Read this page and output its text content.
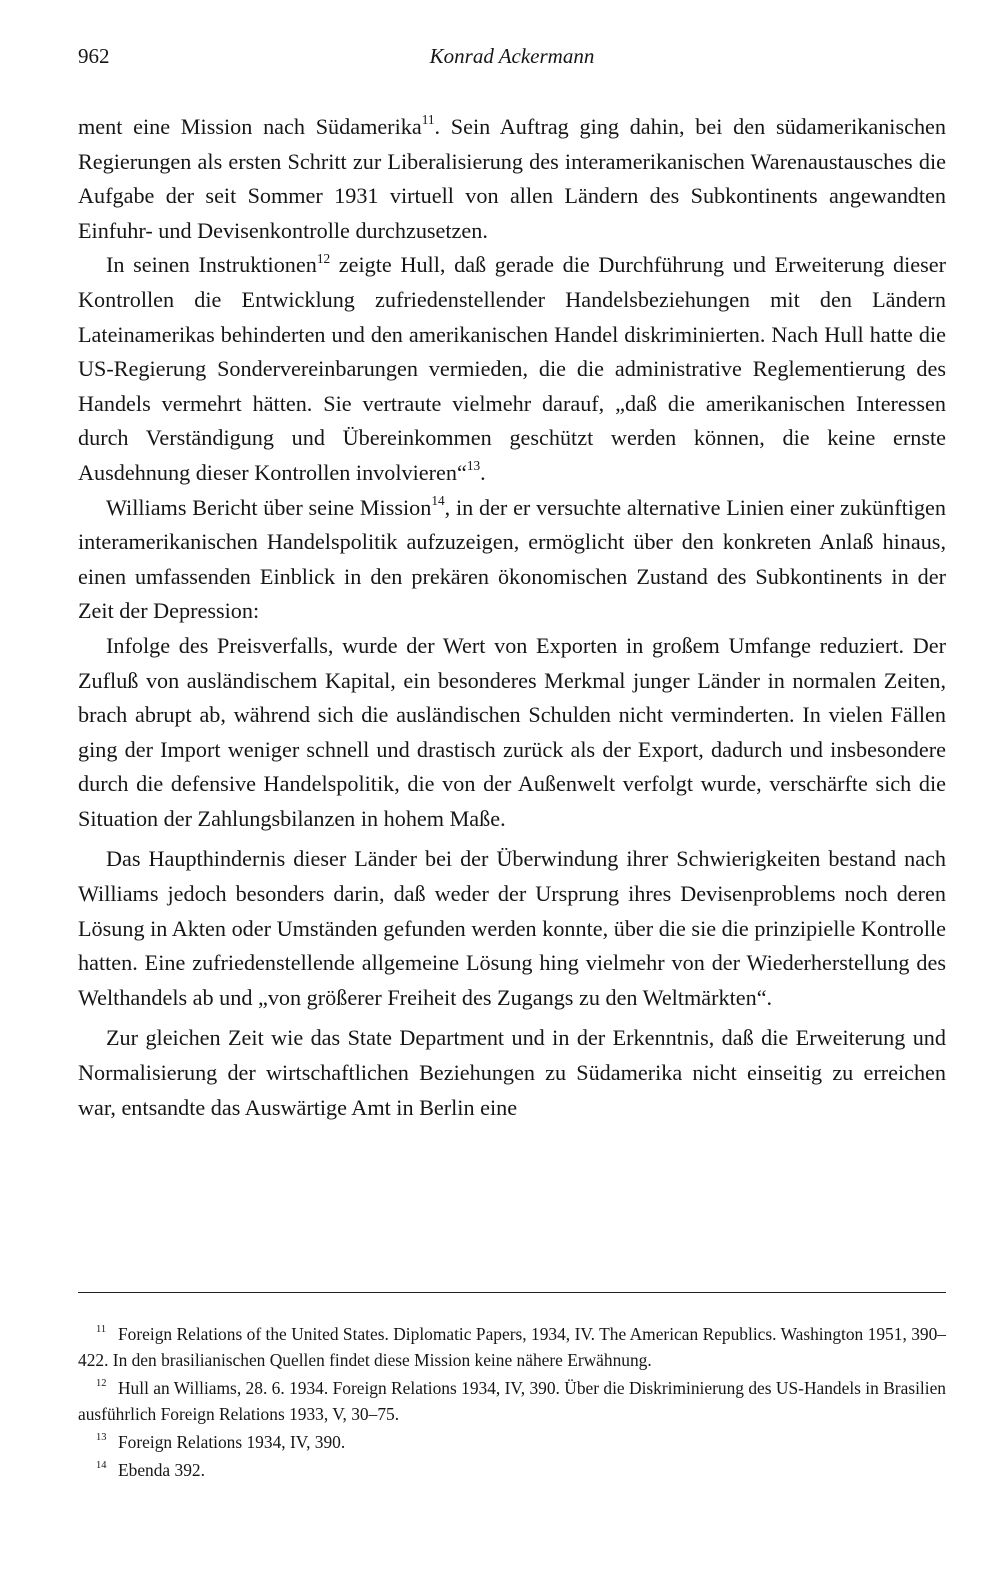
962	Konrad Ackermann

ment eine Mission nach Südamerika$^{11}$. Sein Auftrag ging dahin, bei den südamerikanischen Regierungen als ersten Schritt zur Liberalisierung des interamerikanischen Warenaustausches die Aufgabe der seit Sommer 1931 virtuell von allen Ländern des Subkontinents angewandten Einfuhr- und Devisenkontrolle durchzusetzen.

In seinen Instruktionen$^{12}$ zeigte Hull, daß gerade die Durchführung und Erweiterung dieser Kontrollen die Entwicklung zufriedenstellender Handelsbeziehungen mit den Ländern Lateinamerikas behinderten und den amerikanischen Handel diskriminierten. Nach Hull hatte die US-Regierung Sondervereinbarungen vermieden, die die administrative Reglementierung des Handels vermehrt hätten. Sie vertraute vielmehr darauf, „daß die amerikanischen Interessen durch Verständigung und Übereinkommen geschützt werden können, die keine ernste Ausdehnung dieser Kontrollen involvieren“$^{13}$.

Williams Bericht über seine Mission$^{14}$, in der er versuchte alternative Linien einer zukünftigen interamerikanischen Handelspolitik aufzuzeigen, ermöglicht über den konkreten Anlaß hinaus, einen umfassenden Einblick in den prekären ökonomischen Zustand des Subkontinents in der Zeit der Depression:

Infolge des Preisverfalls, wurde der Wert von Exporten in großem Umfange reduziert. Der Zufluß von ausländischem Kapital, ein besonderes Merkmal junger Länder in normalen Zeiten, brach abrupt ab, während sich die ausländischen Schulden nicht verminderten. In vielen Fällen ging der Import weniger schnell und drastisch zurück als der Export, dadurch und insbesondere durch die defensive Handelspolitik, die von der Außenwelt verfolgt wurde, verschärfte sich die Situation der Zahlungsbilanzen in hohem Maße.

Das Haupthindernis dieser Länder bei der Überwindung ihrer Schwierigkeiten bestand nach Williams jedoch besonders darin, daß weder der Ursprung ihres Devisenproblems noch deren Lösung in Akten oder Umständen gefunden werden konnte, über die sie die prinzipielle Kontrolle hatten. Eine zufriedenstellende allgemeine Lösung hing vielmehr von der Wiederherstellung des Welthandels ab und „von größerer Freiheit des Zugangs zu den Weltmärkten“.

Zur gleichen Zeit wie das State Department und in der Erkenntnis, daß die Erweiterung und Normalisierung der wirtschaftlichen Beziehungen zu Südamerika nicht einseitig zu erreichen war, entsandte das Auswärtige Amt in Berlin eine

$^{11}$ Foreign Relations of the United States. Diplomatic Papers, 1934, IV. The American Republics. Washington 1951, 390–422. In den brasilianischen Quellen findet diese Mission keine nähere Erwähnung.

$^{12}$ Hull an Williams, 28. 6. 1934. Foreign Relations 1934, IV, 390. Über die Diskriminierung des US-Handels in Brasilien ausführlich Foreign Relations 1933, V, 30–75.

$^{13}$ Foreign Relations 1934, IV, 390.

$^{14}$ Ebenda 392.
